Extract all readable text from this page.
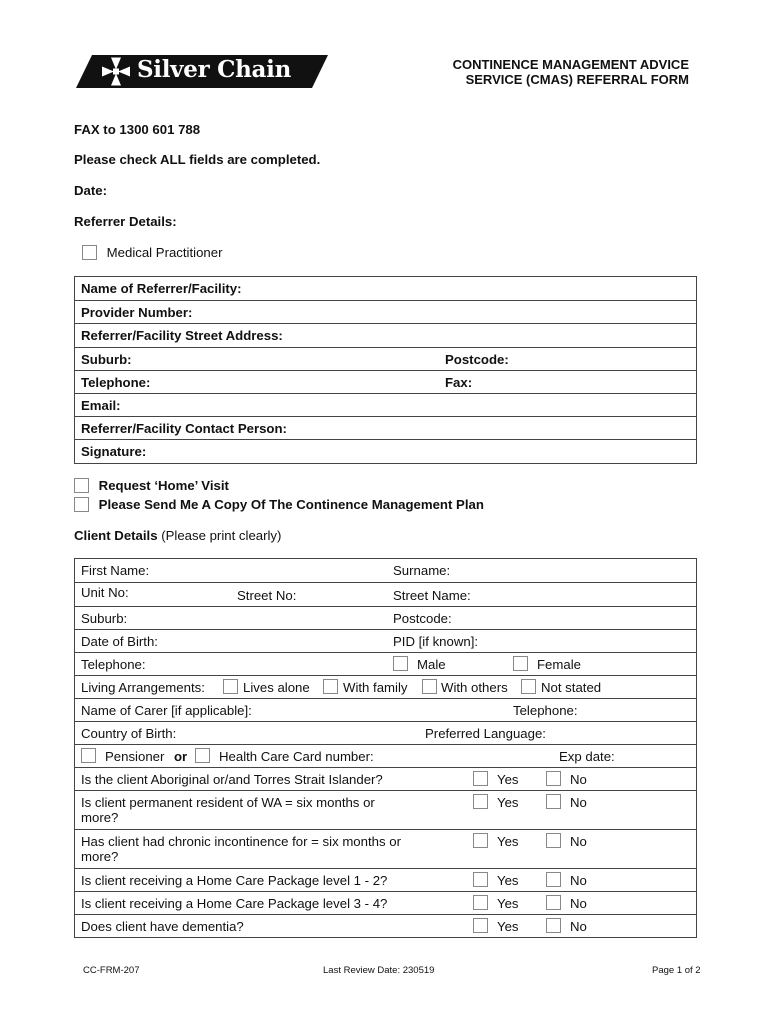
Silver Chain	CONTINENCE MANAGEMENT ADVICE
SERVICE (CMAS) REFERRAL FORM
FAX to 1300 601 788
Please check ALL fields are completed.
Date:
Referrer Details:
Medical Practitioner
Name of Referrer/Facility:
Provider Number:
Referrer/Facility Street Address:
Suburb:	Postcode:
Telephone:	Fax:
Email:
Referrer/Facility Contact Person:
Signature:
Request ‘Home’ Visit
Please Send Me A Copy Of The Continence Management Plan
Client Details (Please print clearly)
First Name:	Surname:
Unit No:	Street No:	Street Name:
Suburb:	Postcode:
Date of Birth:	PID [if known]:
Telephone:	Male	Female
Living Arrangements:	Lives alone	With family	With others	Not stated
Name of Carer [if applicable]:	Telephone:
Country of Birth:	Preferred Language:
Pensioner or Health Care Card number:	Exp date:
Is the client Aboriginal or/and Torres Strait Islander?	Yes	No
Is client permanent resident of WA = six months or more?
Yes	No
Has client had chronic incontinence for = six months or more?
Yes	No
Is client receiving a Home Care Package level 1 - 2?	Yes	No
Is client receiving a Home Care Package level 3 - 4?	Yes	No
Does client have dementia?	Yes	No
CC-FRM-207	Last Review Date: 230519	Page 1 of 2
